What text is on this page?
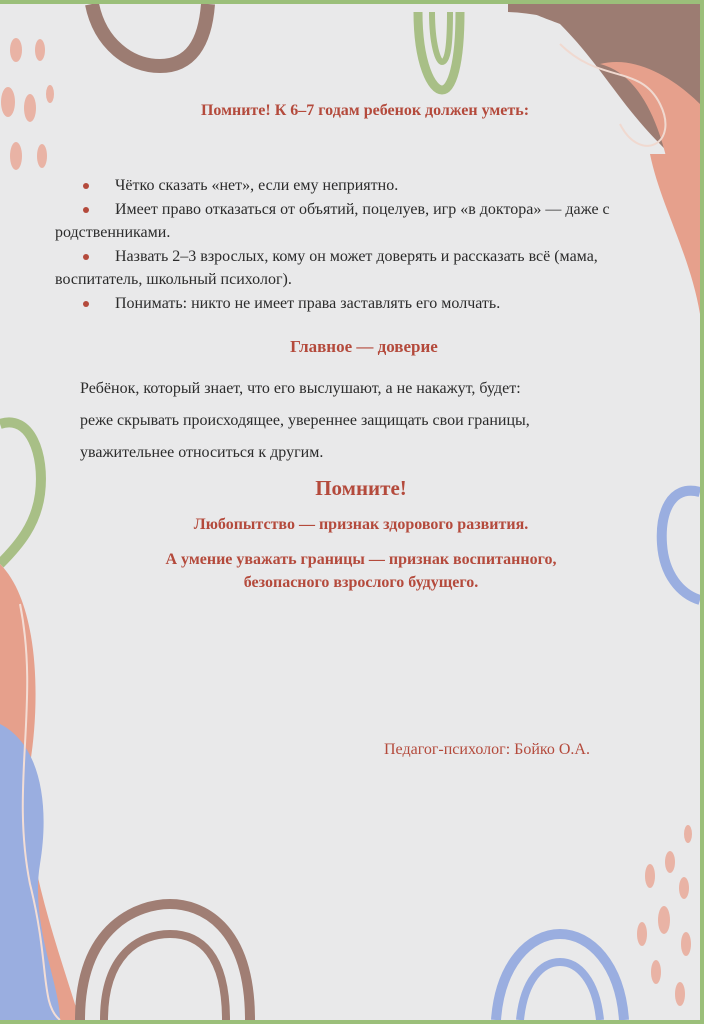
Помните! К 6–7 годам ребенок должен уметь:
Чётко сказать «нет», если ему неприятно.
Имеет право отказаться от объятий, поцелуев, игр «в доктора» — даже с родственниками.
Назвать 2–3 взрослых, кому он может доверять и рассказать всё (мама, воспитатель, школьный психолог).
Понимать: никто не имеет права заставлять его молчать.
Главное — доверие
Ребёнок, который знает, что его выслушают, а не накажут, будет:
реже скрывать происходящее, увереннее защищать свои границы,
уважительнее относиться к другим.
Помните!
Любопытство — признак здорового развития.
А умение уважать границы — признак воспитанного,
безопасного взрослого будущего.
Педагог-психолог: Бойко О.А.
